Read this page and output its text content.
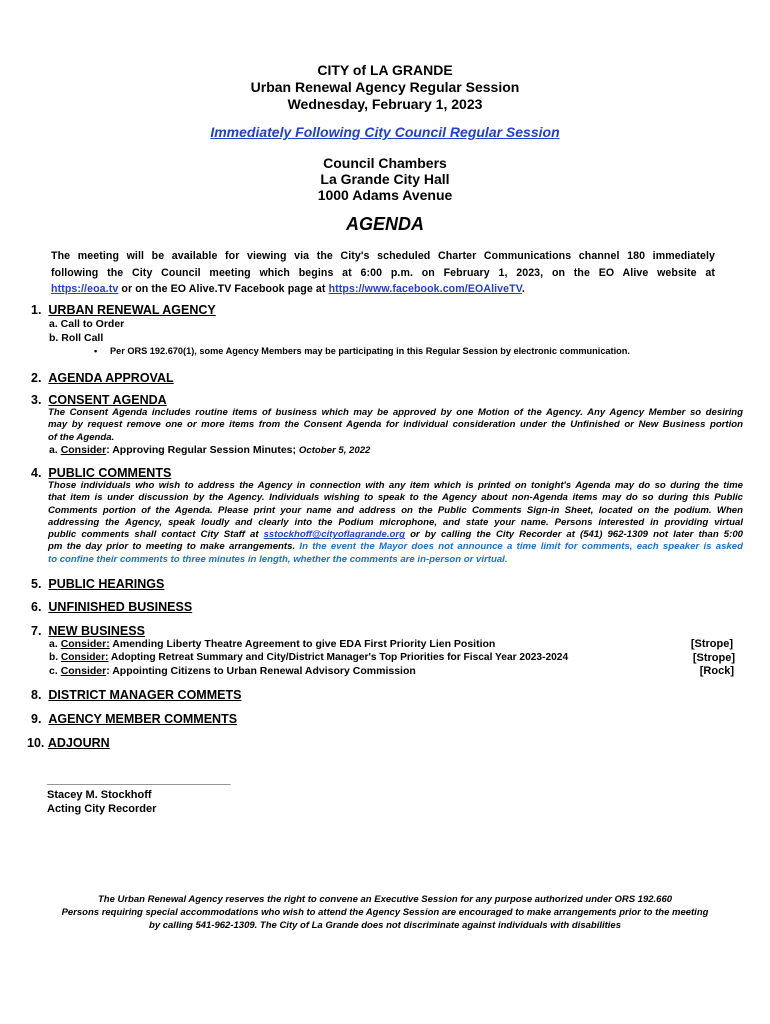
CITY of LA GRANDE
Urban Renewal Agency Regular Session
Wednesday, February 1, 2023
Immediately Following City Council Regular Session
Council Chambers
La Grande City Hall
1000 Adams Avenue
AGENDA
The meeting will be available for viewing via the City's scheduled Charter Communications channel 180 immediately
following the City Council meeting which begins at 6:00 p.m. on February 1, 2023, on the EO Alive website at
https://eoa.tv or on the EO Alive.TV Facebook page at https://www.facebook.com/EOAliveTV.
1. URBAN RENEWAL AGENCY
a. Call to Order
b. Roll Call
• Per ORS 192.670(1), some Agency Members may be participating in this Regular Session by electronic communication.
2. AGENDA APPROVAL
3. CONSENT AGENDA
The Consent Agenda includes routine items of business which may be approved by one Motion of the Agency. Any Agency Member so desiring
may by request remove one or more items from the Consent Agenda for individual consideration under the Unfinished or New Business portion
of the Agenda.
a. Consider: Approving Regular Session Minutes; October 5, 2022
4. PUBLIC COMMENTS
Those individuals who wish to address the Agency in connection with any item which is printed on tonight's Agenda may do so during the time
that item is under discussion by the Agency. Individuals wishing to speak to the Agency about non-Agenda items may do so during this Public
Comments portion of the Agenda. Please print your name and address on the Public Comments Sign-in Sheet, located on the podium. When
addressing the Agency, speak loudly and clearly into the Podium microphone, and state your name. Persons interested in providing virtual
public comments shall contact City Staff at sstockhoff@cityoflagrande.org or by calling the City Recorder at (541) 962-1309 not later than 5:00
pm the day prior to meeting to make arrangements. In the event the Mayor does not announce a time limit for comments, each speaker is asked
to confine their comments to three minutes in length, whether the comments are in-person or virtual.
5. PUBLIC HEARINGS
6. UNFINISHED BUSINESS
7. NEW BUSINESS
a. Consider: Amending Liberty Theatre Agreement to give EDA First Priority Lien Position	[Strope]
b. Consider: Adopting Retreat Summary and City/District Manager's Top Priorities for Fiscal Year 2023-2024	[Strope]
c. Consider: Appointing Citizens to Urban Renewal Advisory Commission	[Rock]
8. DISTRICT MANAGER COMMETS
9. AGENCY MEMBER COMMENTS
10. ADJOURN
______________________________
Stacey M. Stockhoff
Acting City Recorder
The Urban Renewal Agency reserves the right to convene an Executive Session for any purpose authorized under ORS 192.660
Persons requiring special accommodations who wish to attend the Agency Session are encouraged to make arrangements prior to the meeting
by calling 541-962-1309. The City of La Grande does not discriminate against individuals with disabilities
